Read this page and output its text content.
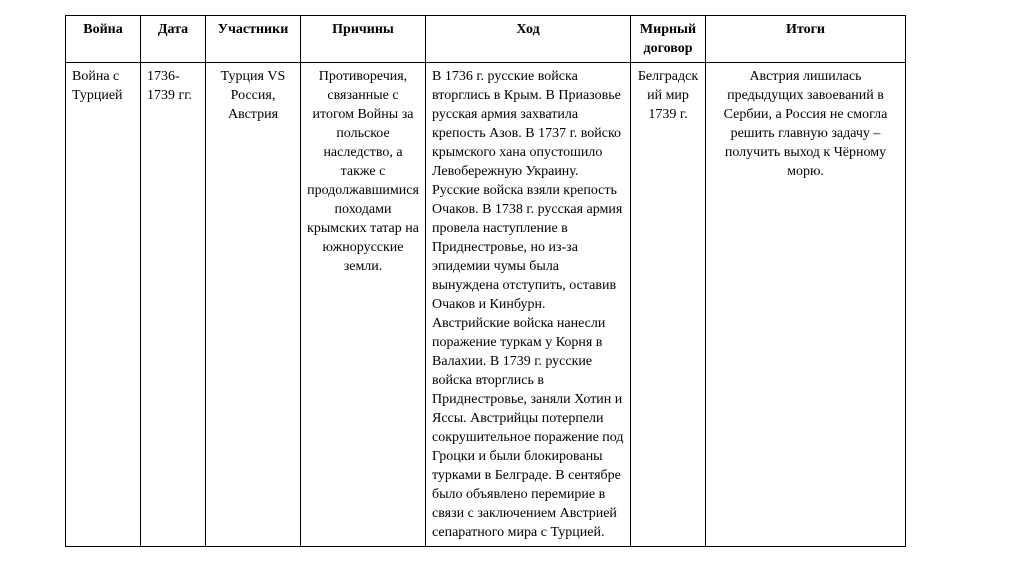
Война	Дата	Участники	Причины	Ход	Мирный договор	Итоги
Война с Турцией	1736-1739 гг.	Турция VS Россия, Австрия	Противоречия, связанные с итогом Войны за польское наследство, а также с продолжавшимися походами крымских татар на южнорусские земли.	В 1736 г. русские войска вторглись в Крым. В Приазовье русская армия захватила крепость Азов. В 1737 г. войско крымского хана опустошило Левобережную Украину. Русские войска взяли крепость Очаков. В 1738 г. русская армия провела наступление в Приднестровье, но из-за эпидемии чумы была вынуждена отступить, оставив Очаков и Кинбурн. Австрийские войска нанесли поражение туркам у Корня в Валахии. В 1739 г. русские войска вторглись в Приднестровье, заняли Хотин и Яссы. Австрийцы потерпели сокрушительное поражение под Гроцки и были блокированы турками в Белграде. В сентябре было объявлено перемирие в связи с заключением Австрией сепаратного мира с Турцией.	Белградский мир 1739 г.	Австрия лишилась предыдущих завоеваний в Сербии, а Россия не смогла решить главную задачу – получить выход к Чёрному морю.
